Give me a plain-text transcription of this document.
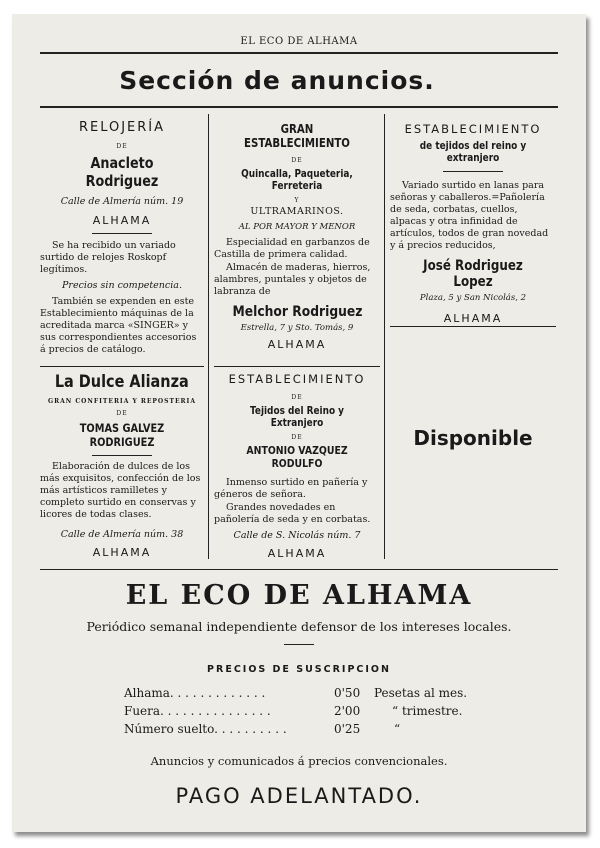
EL ECO DE ALHAMA
Sección de anuncios.

RELOJERÍA

DE

Anacleto Rodriguez

Calle de Almería núm. 19

ALHAMA

Se ha recibido un variado surtido de relojes Roskopf legítimos.

Precios sin competencia.

También se expenden en este Establecimiento máquinas de la acreditada marca «SINGER» y sus correspondientes accesorios á precios de catálogo.

La Dulce Alianza

GRAN CONFITERIA Y REPOSTERIA

DE

TOMAS GALVEZ RODRIGUEZ

Elaboración de dulces de los más exquisitos, confección de los más artísticos ramilletes y completo surtido en conservas y licores de todas clases.

Calle de Almería núm. 38

ALHAMA

GRAN ESTABLECIMIENTO

DE

Quincalla, Paqueteria, Ferreteria

Y

ULTRAMARINOS.

AL POR MAYOR Y MENOR

Especialidad en garbanzos de Castilla de primera calidad.

Almacén de maderas, hierros, alambres, puntales y objetos de labranza de

Melchor Rodriguez

Estrella, 7 y Sto. Tomás, 9

ALHAMA

ESTABLECIMIENTO

DE

Tejidos del Reino y Extranjero

DE

ANTONIO VAZQUEZ RODULFO

Inmenso surtido en pañería y géneros de señora.

Grandes novedades en pañolería de seda y en corbatas.

Calle de S. Nicolás núm. 7

ALHAMA

ESTABLECIMIENTO

de tejidos del reino y extranjero

Variado surtido en lanas para señoras y caballeros.=Pañolería de seda, corbatas, cuellos, alpacas y otra infinidad de artículos, todos de gran novedad y á precios reducidos,

José Rodriguez Lopez

Plaza, 5 y San Nicolás, 2

ALHAMA

Disponible

EL ECO DE ALHAMA
Periódico semanal independiente defensor de los intereses locales.
PRECIOS DE SUSCRIPCION
Alhama. . . . . . . . . . . . .	0'50 Pesetas al mes.
Fuera. . . . . . . . . . . . . . .	2'00	“ trimestre.
Número suelto. . . . . . . . . .	0'25	“
Anuncios y comunicados á precios convencionales.
PAGO ADELANTADO.
